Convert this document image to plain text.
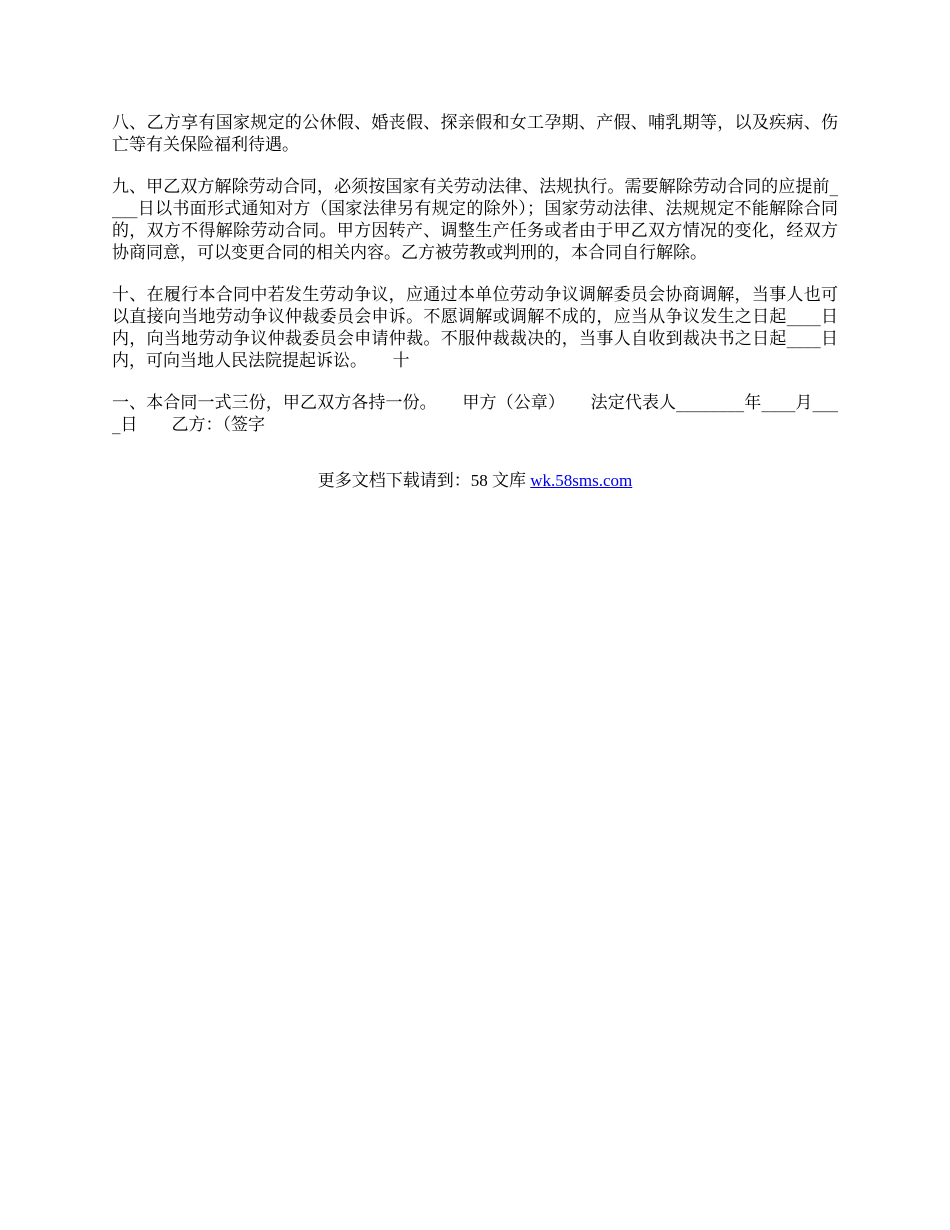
八、乙方享有国家规定的公休假、婚丧假、探亲假和女工孕期、产假、哺乳期等，以及疾病、伤亡等有关保险福利待遇。

九、甲乙双方解除劳动合同，必须按国家有关劳动法律、法规执行。需要解除劳动合同的应提前____日以书面形式通知对方（国家法律另有规定的除外）；国家劳动法律、法规规定不能解除合同的，双方不得解除劳动合同。甲方因转产、调整生产任务或者由于甲乙双方情况的变化，经双方协商同意，可以变更合同的相关内容。乙方被劳教或判刑的，本合同自行解除。

十、在履行本合同中若发生劳动争议，应通过本单位劳动争议调解委员会协商调解，当事人也可以直接向当地劳动争议仲裁委员会申诉。不愿调解或调解不成的，应当从争议发生之日起____日内，向当地劳动争议仲裁委员会申请仲裁。不服仲裁裁决的，当事人自收到裁决书之日起____日内，可向当地人民法院提起诉讼。　　十

一、本合同一式三份，甲乙双方各持一份。　　甲方（公章）　　法定代表人________年____月____日　　乙方：（签字

更多文档下载请到：58 文库 wk.58sms.com
